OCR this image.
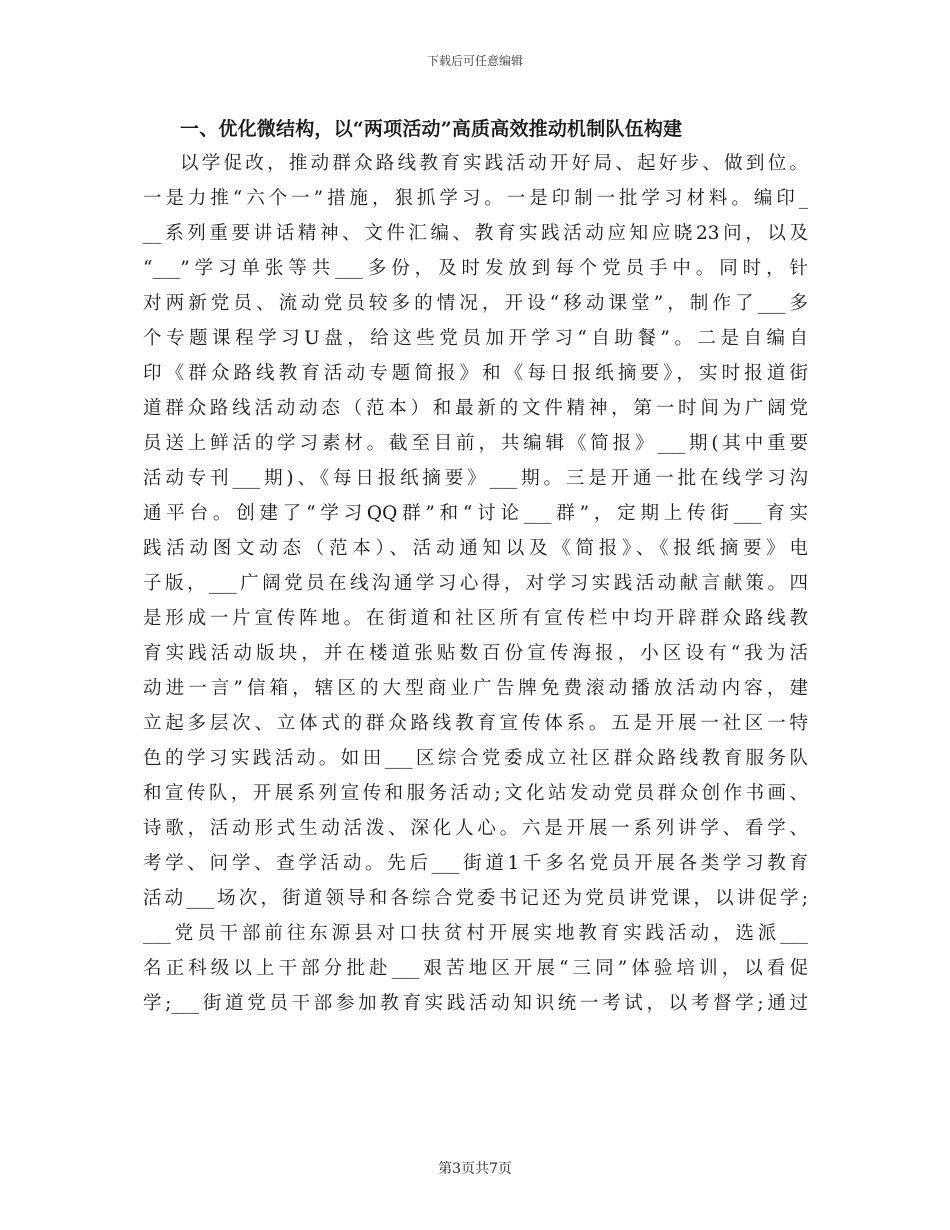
下载后可任意编辑
一、优化微结构，以“两项活动”高质高效推动机制队伍构建
以学促改，推动群众路线教育实践活动开好局、起好步、做到位。
一是力推“六个一”措施，狠抓学习。一是印制一批学习材料。编印_
__系列重要讲话精神、文件汇编、教育实践活动应知应晓23问，以及
“___”学习单张等共___多份，及时发放到每个党员手中。同时，针
对两新党员、流动党员较多的情况，开设“移动课堂”，制作了___多
个专题课程学习U盘，给这些党员加开学习“自助餐”。二是自编自
印《群众路线教育活动专题简报》和《每日报纸摘要》，实时报道街
道群众路线活动动态（范本）和最新的文件精神，第一时间为广阔党
员送上鲜活的学习素材。截至目前，共编辑《简报》___期(其中重要
活动专刊___期)、《每日报纸摘要》___期。三是开通一批在线学习沟
通平台。创建了“学习QQ群”和“讨论___群”，定期上传街___育实
践活动图文动态（范本）、活动通知以及《简报》、《报纸摘要》电
子版，___广阔党员在线沟通学习心得，对学习实践活动献言献策。四
是形成一片宣传阵地。在街道和社区所有宣传栏中均开辟群众路线教
育实践活动版块，并在楼道张贴数百份宣传海报，小区设有“我为活
动进一言”信箱，辖区的大型商业广告牌免费滚动播放活动内容，建
立起多层次、立体式的群众路线教育宣传体系。五是开展一社区一特
色的学习实践活动。如田___区综合党委成立社区群众路线教育服务队
和宣传队，开展系列宣传和服务活动;文化站发动党员群众创作书画、
诗歌，活动形式生动活泼、深化人心。六是开展一系列讲学、看学、
考学、问学、查学活动。先后___街道1千多名党员开展各类学习教育
活动___场次，街道领导和各综合党委书记还为党员讲党课，以讲促学;
___党员干部前往东源县对口扶贫村开展实地教育实践活动，选派___
名正科级以上干部分批赴___艰苦地区开展“三同”体验培训，以看促
学;___街道党员干部参加教育实践活动知识统一考试，以考督学;通过
第3页共7页
